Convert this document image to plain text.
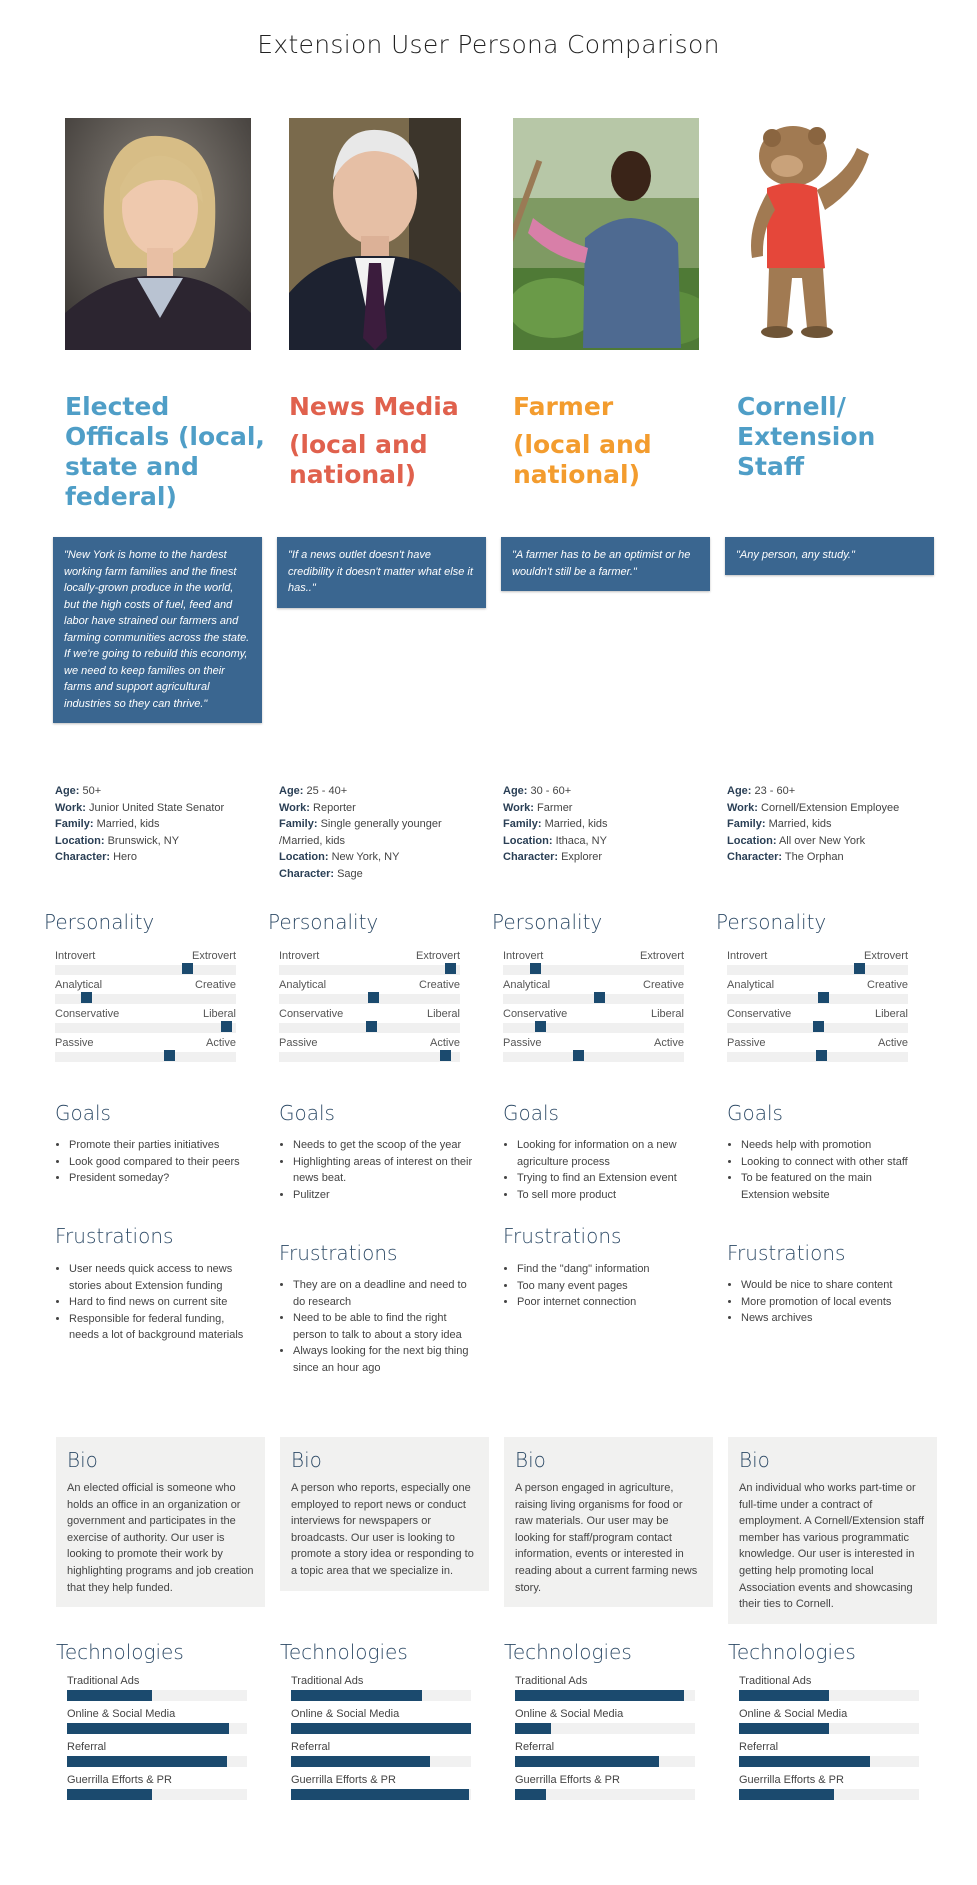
Extension User Persona Comparison
Elected Officals (local, state and federal)
"New York is home to the hardest working farm families and the finest locally-grown produce in the world, but the high costs of fuel, feed and labor have strained our farmers and farming communities across the state. If we're going to rebuild this economy, we need to keep families on their farms and support agricultural industries so they can thrive."
Age: 50+
Work: Junior United State Senator
Family: Married, kids
Location: Brunswick, NY
Character: Hero
Personality
Introvert	Extrovert
Analytical	Creative
Conservative	Liberal
Passive	Active
Goals
• Promote their parties initiatives
• Look good compared to their peers
• President someday?
Frustrations
• User needs quick access to news stories about Extension funding
• Hard to find news on current site
• Responsible for federal funding, needs a lot of background materials
Bio
An elected official is someone who holds an office in an organization or government and participates in the exercise of authority. Our user is looking to promote their work by highlighting programs and job creation that they help funded.
Technologies
Traditional Ads
Online & Social Media
Referral
Guerrilla Efforts & PR
News Media
(local and national)
"If a news outlet doesn't have credibility it doesn't matter what else it has.."
Age: 25 - 40+
Work: Reporter
Family: Single generally younger /Married, kids
Location: New York, NY
Character: Sage
Personality
Introvert	Extrovert
Analytical	Creative
Conservative	Liberal
Passive	Active
Goals
• Needs to get the scoop of the year
• Highlighting areas of interest on their news beat.
• Pulitzer
Frustrations
• They are on a deadline and need to do research
• Need to be able to find the right person to talk to about a story idea
• Always looking for the next big thing since an hour ago
Bio
A person who reports, especially one employed to report news or conduct interviews for newspapers or broadcasts. Our user is looking to promote a story idea or responding to a topic area that we specialize in.
Technologies
Traditional Ads
Online & Social Media
Referral
Guerrilla Efforts & PR
Farmer
(local and national)
"A farmer has to be an optimist or he wouldn't still be a farmer."
Age: 30 - 60+
Work: Farmer
Family: Married, kids
Location: Ithaca, NY
Character: Explorer
Personality
Introvert	Extrovert
Analytical	Creative
Conservative	Liberal
Passive	Active
Goals
• Looking for information on a new agriculture process
• Trying to find an Extension event
• To sell more product
Frustrations
• Find the "dang" information
• Too many event pages
• Poor internet connection
Bio
A person engaged in agriculture, raising living organisms for food or raw materials. Our user may be looking for staff/program contact information, events or interested in reading about a current farming news story.
Technologies
Traditional Ads
Online & Social Media
Referral
Guerrilla Efforts & PR
Cornell/ Extension Staff
"Any person, any study."
Age: 23 - 60+
Work: Cornell/Extension Employee
Family: Married, kids
Location: All over New York
Character: The Orphan
Personality
Introvert	Extrovert
Analytical	Creative
Conservative	Liberal
Passive	Active
Goals
• Needs help with promotion
• Looking to connect with other staff
• To be featured on the main Extension website
Frustrations
• Would be nice to share content
• More promotion of local events
• News archives
Bio
An individual who works part-time or full-time under a contract of employment. A Cornell/Extension staff member has various programmatic knowledge. Our user is interested in getting help promoting local Association events and showcasing their ties to Cornell.
Technologies
Traditional Ads
Online & Social Media
Referral
Guerrilla Efforts & PR
